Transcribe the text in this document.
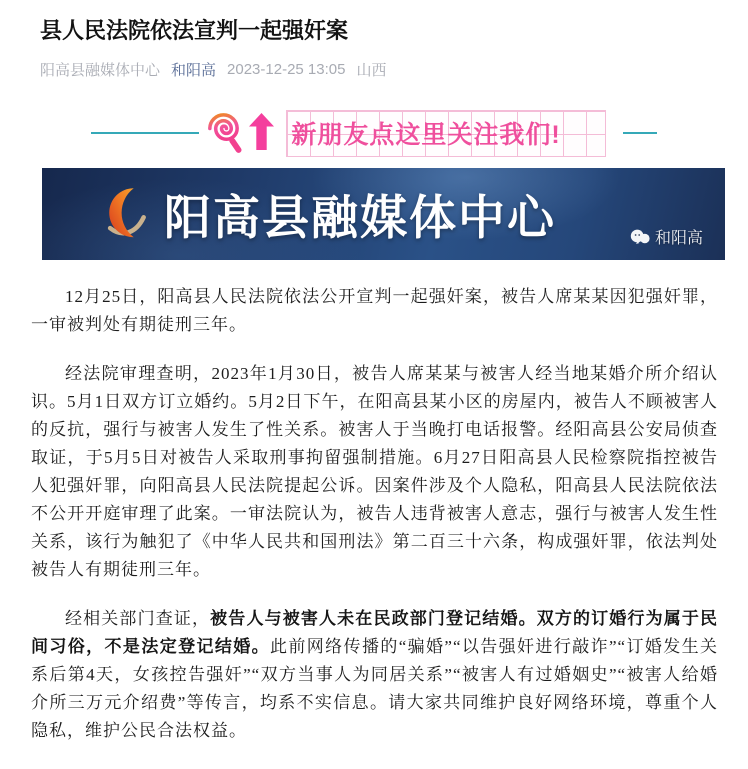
县人民法院依法宣判一起强奸案
阳高县融媒体中心 和阳高 2023-12-25 13:05 山西
新朋友点这里关注我们!
阳高县融媒体中心	和阳高

12月25日，阳高县人民法院依法公开宣判一起强奸案，被告人席某某因犯强奸罪，一审被判处有期徒刑三年。

经法院审理查明，2023年1月30日，被告人席某某与被害人经当地某婚介所介绍认识。5月1日双方订立婚约。5月2日下午，在阳高县某小区的房屋内，被告人不顾被害人的反抗，强行与被害人发生了性关系。被害人于当晚打电话报警。经阳高县公安局侦查取证，于5月5日对被告人采取刑事拘留强制措施。6月27日阳高县人民检察院指控被告人犯强奸罪，向阳高县人民法院提起公诉。因案件涉及个人隐私，阳高县人民法院依法不公开开庭审理了此案。一审法院认为，被告人违背被害人意志，强行与被害人发生性关系，该行为触犯了《中华人民共和国刑法》第二百三十六条，构成强奸罪，依法判处被告人有期徒刑三年。

经相关部门查证，被告人与被害人未在民政部门登记结婚。双方的订婚行为属于民间习俗，不是法定登记结婚。此前网络传播的“骗婚”“以告强奸进行敲诈”“订婚发生关系后第4天，女孩控告强奸”“双方当事人为同居关系”“被害人有过婚姻史”“被害人给婚介所三万元介绍费”等传言，均系不实信息。请大家共同维护良好网络环境，尊重个人隐私，维护公民合法权益。
